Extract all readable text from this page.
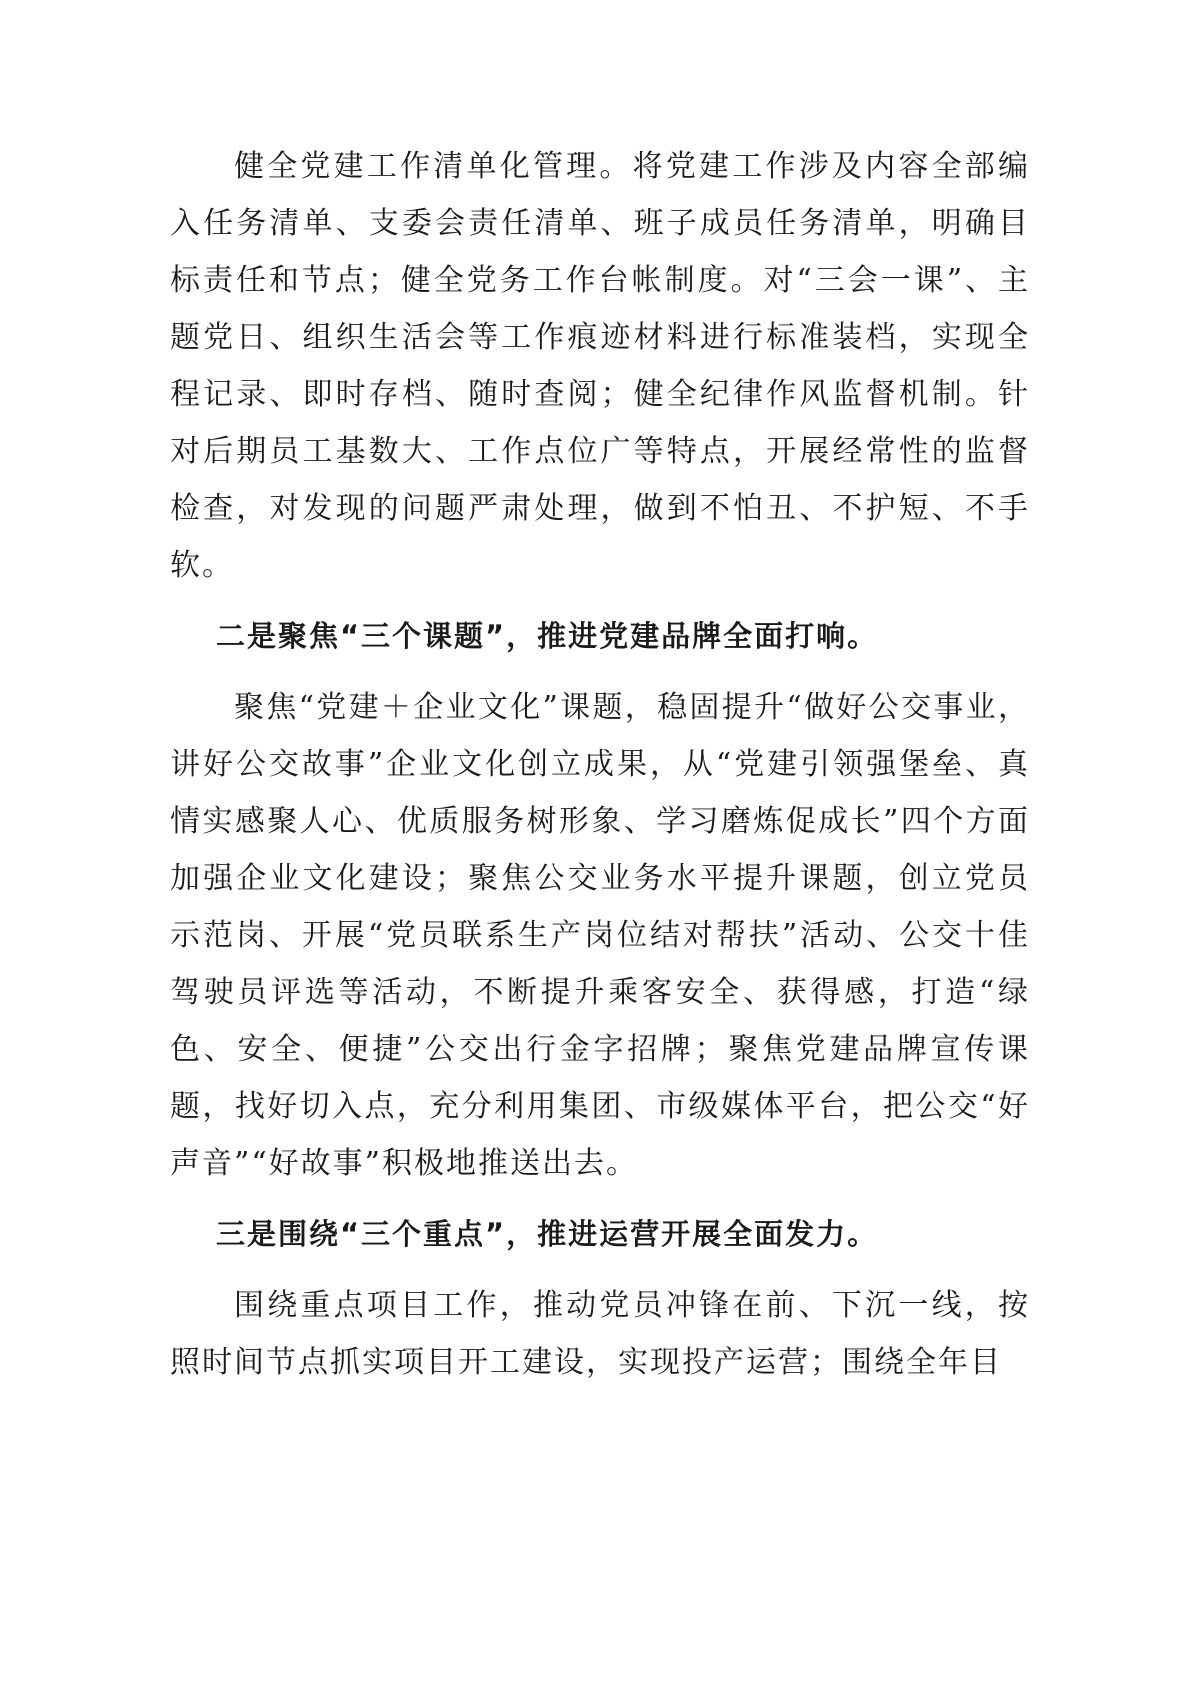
健全党建工作清单化管理。将党建工作涉及内容全部编入任务清单、支委会责任清单、班子成员任务清单，明确目标责任和节点；健全党务工作台帐制度。对“三会一课”、主题党日、组织生活会等工作痕迹材料进行标准装档，实现全程记录、即时存档、随时查阅；健全纪律作风监督机制。针对后期员工基数大、工作点位广等特点，开展经常性的监督检查，对发现的问题严肃处理，做到不怕丑、不护短、不手软。

二是聚焦“三个课题”，推进党建品牌全面打响。

聚焦“党建＋企业文化”课题，稳固提升“做好公交事业，讲好公交故事”企业文化创立成果，从“党建引领强堡垒、真情实感聚人心、优质服务树形象、学习磨炼促成长”四个方面加强企业文化建设；聚焦公交业务水平提升课题，创立党员示范岗、开展“党员联系生产岗位结对帮扶”活动、公交十佳驾驶员评选等活动，不断提升乘客安全、获得感，打造“绿色、安全、便捷”公交出行金字招牌；聚焦党建品牌宣传课题，找好切入点，充分利用集团、市级媒体平台，把公交“好声音”“好故事”积极地推送出去。

三是围绕“三个重点”，推进运营开展全面发力。

围绕重点项目工作，推动党员冲锋在前、下沉一线，按照时间节点抓实项目开工建设，实现投产运营；围绕全年目
